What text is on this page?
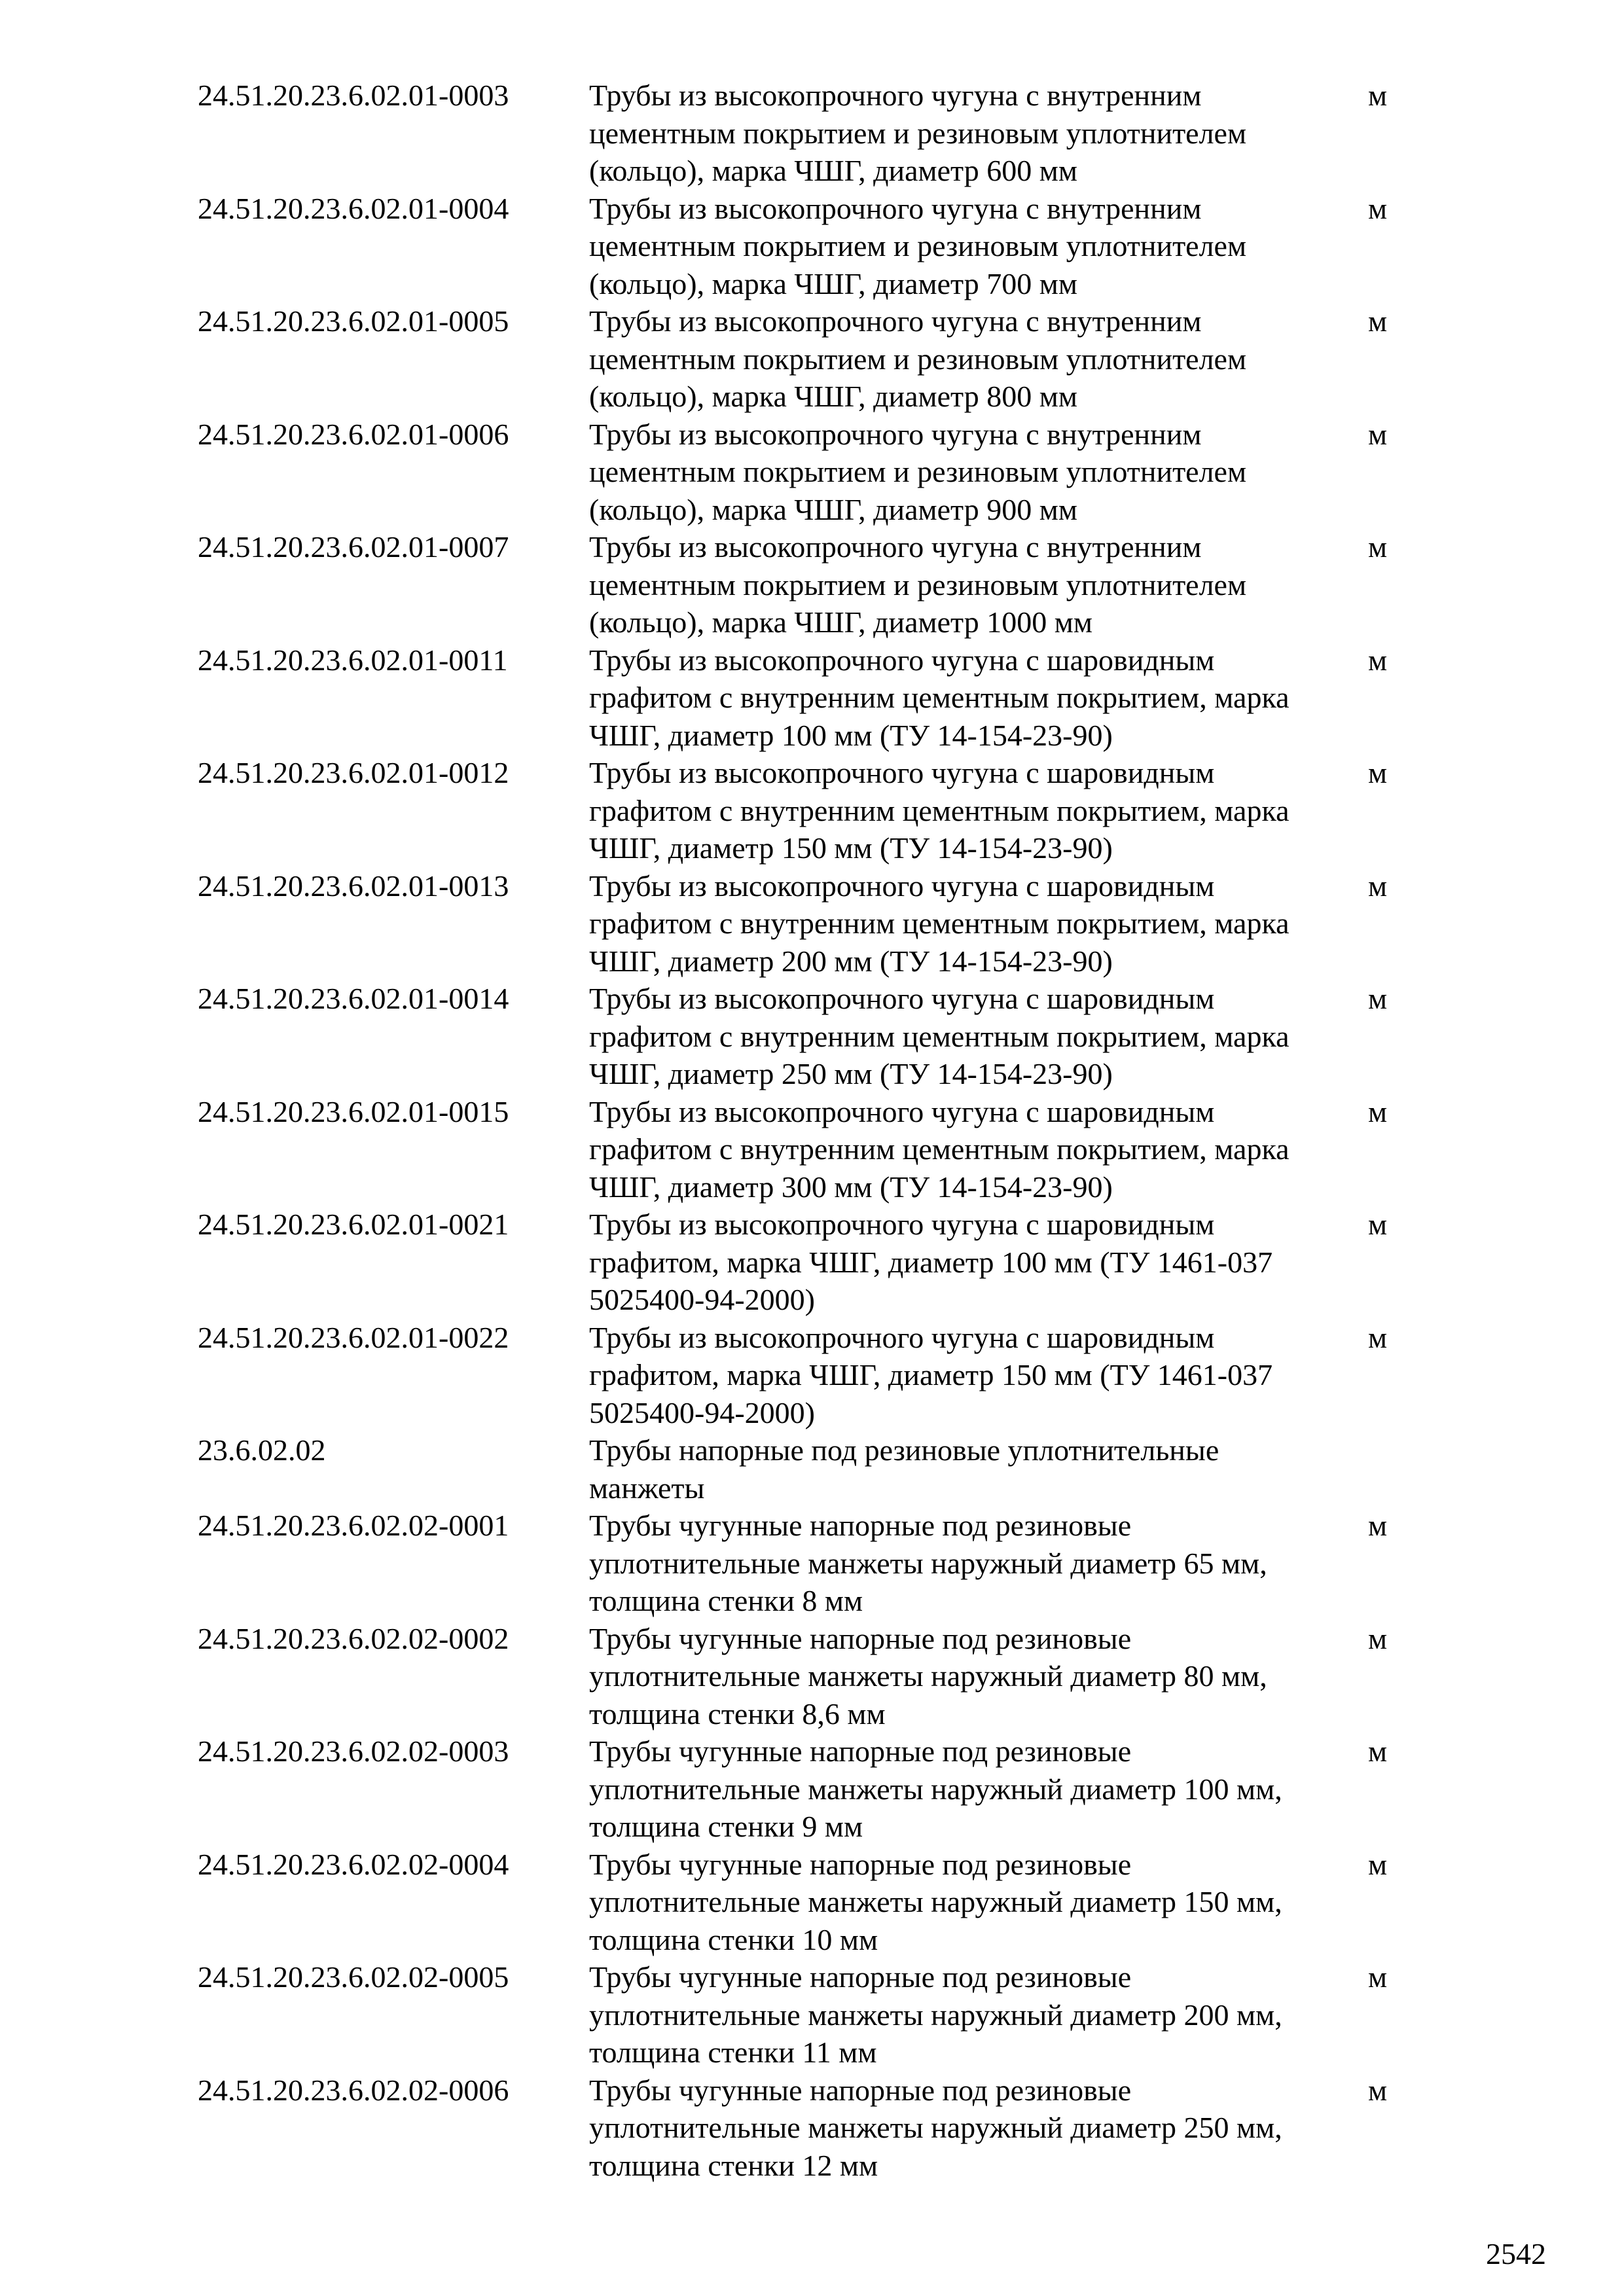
24.51.20.23.6.02.01-0003	Трубы из высокопрочного чугуна с внутренним
цементным покрытием и резиновым уплотнителем
(кольцо), марка ЧШГ, диаметр 600 мм
м
24.51.20.23.6.02.01-0004	Трубы из высокопрочного чугуна с внутренним
цементным покрытием и резиновым уплотнителем
(кольцо), марка ЧШГ, диаметр 700 мм
м
24.51.20.23.6.02.01-0005	Трубы из высокопрочного чугуна с внутренним
цементным покрытием и резиновым уплотнителем
(кольцо), марка ЧШГ, диаметр 800 мм
м
24.51.20.23.6.02.01-0006	Трубы из высокопрочного чугуна с внутренним
цементным покрытием и резиновым уплотнителем
(кольцо), марка ЧШГ, диаметр 900 мм
м
24.51.20.23.6.02.01-0007	Трубы из высокопрочного чугуна с внутренним
цементным покрытием и резиновым уплотнителем
(кольцо), марка ЧШГ, диаметр 1000 мм
м
24.51.20.23.6.02.01-0011	Трубы из высокопрочного чугуна с шаровидным
графитом с внутренним цементным покрытием, марка
ЧШГ, диаметр 100 мм (ТУ 14-154-23-90)
м
24.51.20.23.6.02.01-0012	Трубы из высокопрочного чугуна с шаровидным
графитом с внутренним цементным покрытием, марка
ЧШГ, диаметр 150 мм (ТУ 14-154-23-90)
м
24.51.20.23.6.02.01-0013	Трубы из высокопрочного чугуна с шаровидным
графитом с внутренним цементным покрытием, марка
ЧШГ, диаметр 200 мм (ТУ 14-154-23-90)
м
24.51.20.23.6.02.01-0014	Трубы из высокопрочного чугуна с шаровидным
графитом с внутренним цементным покрытием, марка
ЧШГ, диаметр 250 мм (ТУ 14-154-23-90)
м
24.51.20.23.6.02.01-0015	Трубы из высокопрочного чугуна с шаровидным
графитом с внутренним цементным покрытием, марка
ЧШГ, диаметр 300 мм (ТУ 14-154-23-90)
м
24.51.20.23.6.02.01-0021	Трубы из высокопрочного чугуна с шаровидным
графитом, марка ЧШГ, диаметр 100 мм (ТУ 1461-037
5025400-94-2000)
м
24.51.20.23.6.02.01-0022	Трубы из высокопрочного чугуна с шаровидным
графитом, марка ЧШГ, диаметр 150 мм (ТУ 1461-037
5025400-94-2000)
м
23.6.02.02	Трубы напорные под резиновые уплотнительные
манжеты
24.51.20.23.6.02.02-0001	Трубы чугунные напорные под резиновые
уплотнительные манжеты наружный диаметр 65 мм,
толщина стенки 8 мм
м
24.51.20.23.6.02.02-0002	Трубы чугунные напорные под резиновые
уплотнительные манжеты наружный диаметр 80 мм,
толщина стенки 8,6 мм
м
24.51.20.23.6.02.02-0003	Трубы чугунные напорные под резиновые
уплотнительные манжеты наружный диаметр 100 мм,
толщина стенки 9 мм
м
24.51.20.23.6.02.02-0004	Трубы чугунные напорные под резиновые
уплотнительные манжеты наружный диаметр 150 мм,
толщина стенки 10 мм
м
24.51.20.23.6.02.02-0005	Трубы чугунные напорные под резиновые
уплотнительные манжеты наружный диаметр 200 мм,
толщина стенки 11 мм
м
24.51.20.23.6.02.02-0006	Трубы чугунные напорные под резиновые
уплотнительные манжеты наружный диаметр 250 мм,
толщина стенки 12 мм
м
2542
